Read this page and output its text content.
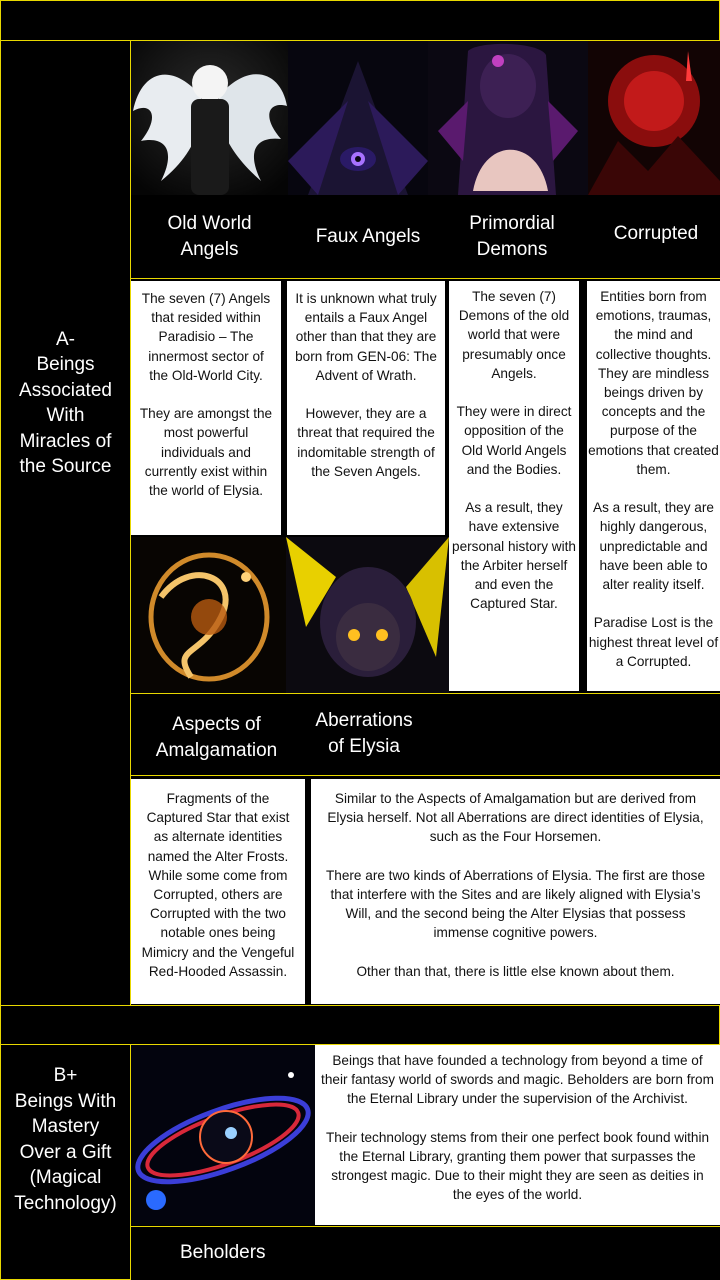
A-
Beings
Associated
With
Miracles of
the Source
Old World
Angels
Faux Angels
Primordial
Demons
Corrupted
The seven (7) Angels that resided within Paradisio – The innermost sector of the Old-World City.

They are amongst the most powerful individuals and currently exist within the world of Elysia.
It is unknown what truly entails a Faux Angel other than that they are born from GEN-06: The Advent of Wrath.

However, they are a threat that required the indomitable strength of the Seven Angels.
The seven (7) Demons of the old world that were presumably once Angels.

They were in direct opposition of the Old World Angels and the Bodies.

As a result, they have extensive personal history with the Arbiter herself and even the Captured Star.
Entities born from emotions, traumas, the mind and collective thoughts. They are mindless beings driven by concepts and the purpose of the emotions that created them.

As a result, they are highly dangerous, unpredictable and have been able to alter reality itself.

Paradise Lost is the highest threat level of a Corrupted.
Aspects of
Amalgamation
Aberrations
of Elysia
Fragments of the Captured Star that exist as alternate identities named the Alter Frosts. While some come from Corrupted, others are Corrupted with the two notable ones being Mimicry and the Vengeful Red-Hooded Assassin.
Similar to the Aspects of Amalgamation but are derived from Elysia herself. Not all Aberrations are direct identities of Elysia, such as the Four Horsemen.

There are two kinds of Aberrations of Elysia. The first are those that interfere with the Sites and are likely aligned with Elysia’s Will, and the second being the Alter Elysias that possess immense cognitive powers.

Other than that, there is little else known about them.
B+
Beings With
Mastery
Over a Gift
(Magical
Technology)
Beings that have founded a technology from beyond a time of their fantasy world of swords and magic. Beholders are born from the Eternal Library under the supervision of the Archivist.

Their technology stems from their one perfect book found within the Eternal Library, granting them power that surpasses the strongest magic. Due to their might they are seen as deities in the eyes of the world.
Beholders
